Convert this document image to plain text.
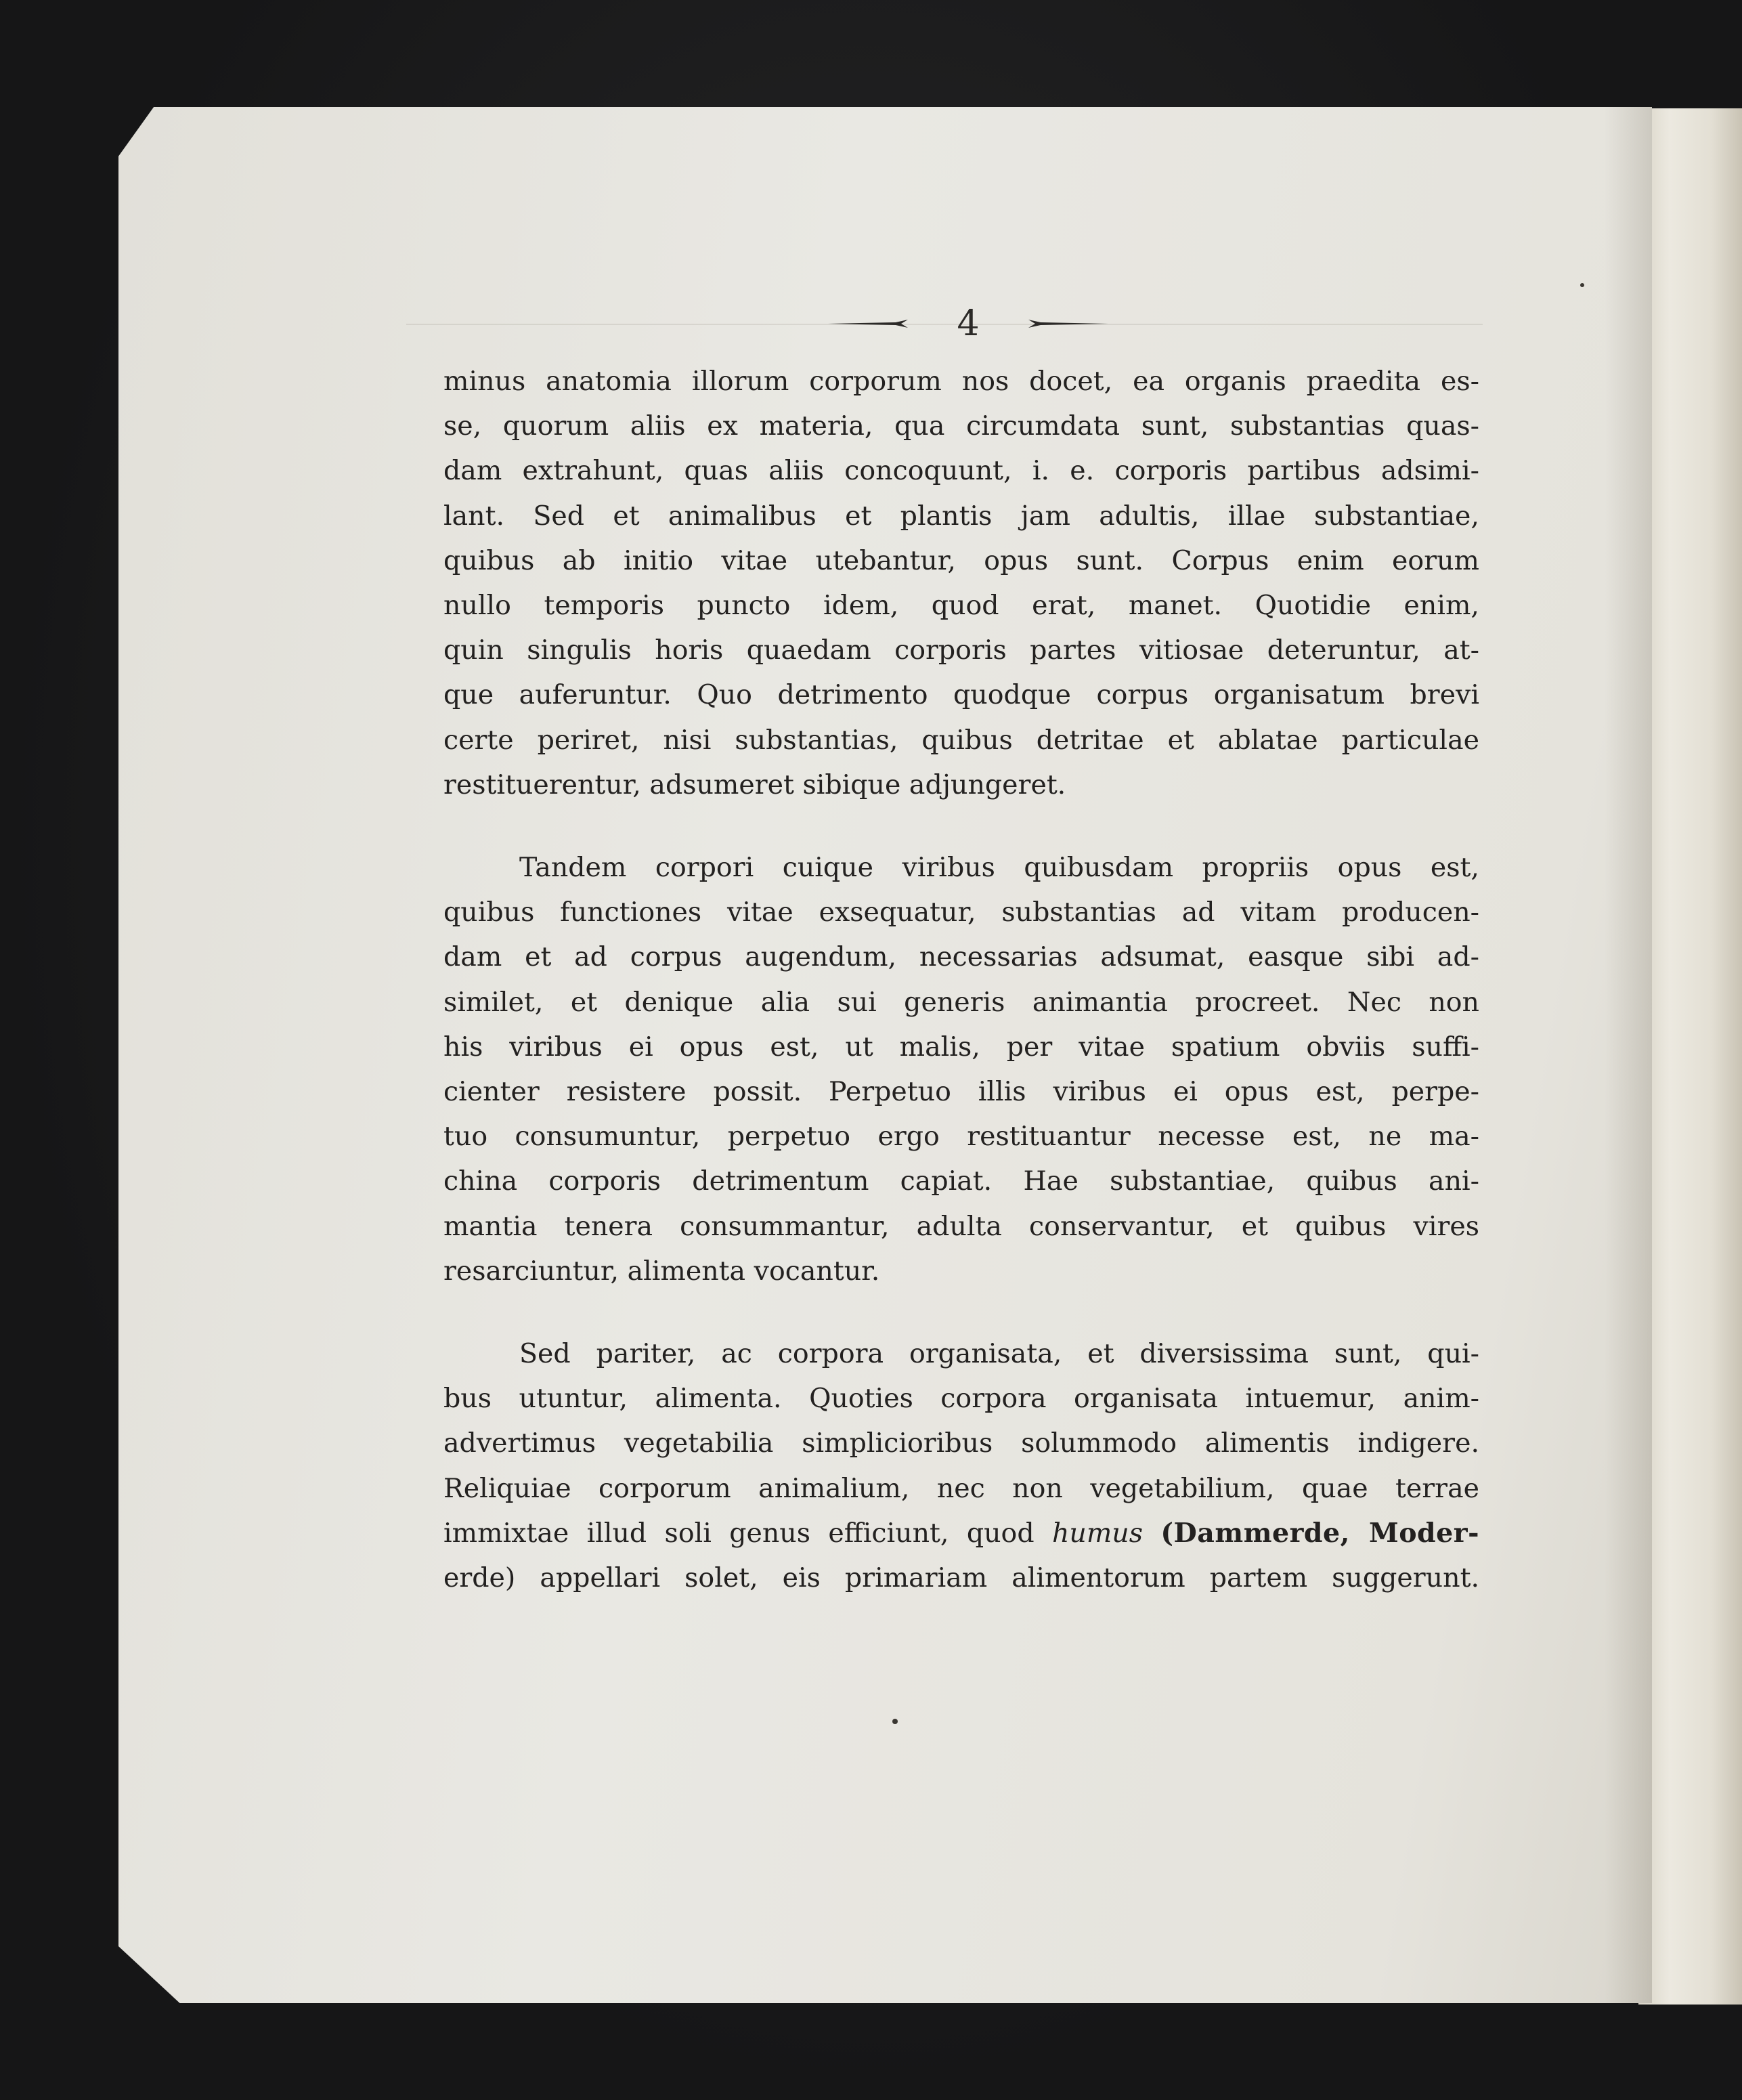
4

minus anatomia illorum corporum nos docet, ea organis praedita es-
se, quorum aliis ex materia, qua circumdata sunt, substantias quas-
dam extrahunt, quas aliis concoquunt, i. e. corporis partibus adsimi-
lant. Sed et animalibus et plantis jam adultis, illae substantiae,
quibus ab initio vitae utebantur, opus sunt. Corpus enim eorum
nullo temporis puncto idem, quod erat, manet. Quotidie enim,
quin singulis horis quaedam corporis partes vitiosae deteruntur, at-
que auferuntur. Quo detrimento quodque corpus organisatum brevi
certe periret, nisi substantias, quibus detritae et ablatae particulae
restituerentur, adsumeret sibique adjungeret.

Tandem corpori cuique viribus quibusdam propriis opus est,
quibus functiones vitae exsequatur, substantias ad vitam producen-
dam et ad corpus augendum, necessarias adsumat, easque sibi ad-
similet, et denique alia sui generis animantia procreet. Nec non
his viribus ei opus est, ut malis, per vitae spatium obviis suffi-
cienter resistere possit. Perpetuo illis viribus ei opus est, perpe-
tuo consumuntur, perpetuo ergo restituantur necesse est, ne ma-
china corporis detrimentum capiat. Hae substantiae, quibus ani-
mantia tenera consummantur, adulta conservantur, et quibus vires
resarciuntur, alimenta vocantur.

Sed pariter, ac corpora organisata, et diversissima sunt, qui-
bus utuntur, alimenta. Quoties corpora organisata intuemur, anim-
advertimus vegetabilia simplicioribus solummodo alimentis indigere.
Reliquiae corporum animalium, nec non vegetabilium, quae terrae
immixtae illud soli genus efficiunt, quod humus (Dammerde, Moder-
erde) appellari solet, eis primariam alimentorum partem suggerunt.
